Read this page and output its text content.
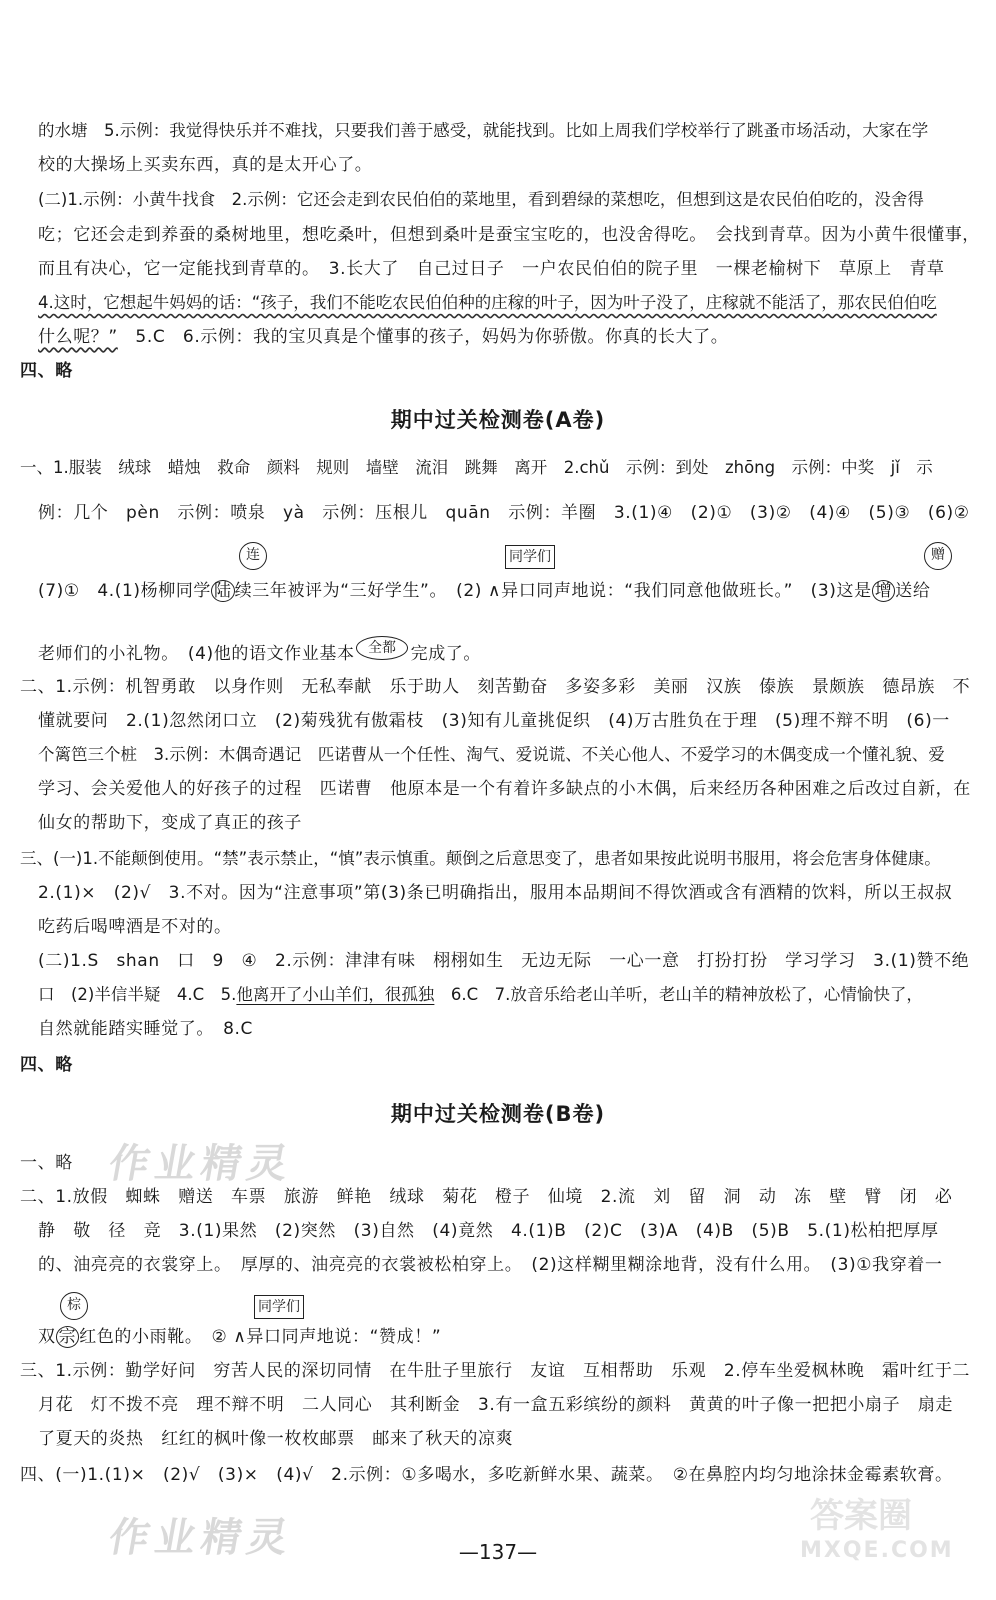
的水塘　5.示例：我觉得快乐并不难找，只要我们善于感受，就能找到。比如上周我们学校举行了跳蚤市场活动，大家在学
校的大操场上买卖东西，真的是太开心了。
(二)1.示例：小黄牛找食　2.示例：它还会走到农民伯伯的菜地里，看到碧绿的菜想吃，但想到这是农民伯伯吃的，没舍得
吃；它还会走到养蚕的桑树地里，想吃桑叶，但想到桑叶是蚕宝宝吃的，也没舍得吃。　会找到青草。因为小黄牛很懂事，
而且有决心，它一定能找到青草的。　3.长大了　自己过日子　一户农民伯伯的院子里　一棵老榆树下　草原上　青草
4.这时，它想起牛妈妈的话：“孩子，我们不能吃农民伯伯种的庄稼的叶子，因为叶子没了，庄稼就不能活了，那农民伯伯吃
什么呢？”　5.C　6.示例：我的宝贝真是个懂事的孩子，妈妈为你骄傲。你真的长大了。
四、略
期中过关检测卷(A卷)
一、1.服装　绒球　蜡烛　救命　颜料　规则　墙壁　流泪　跳舞　离开　2.chǔ　示例：到处　zhōng　示例：中奖　jǐ　示
例：几个　pèn　示例：喷泉　yà　示例：压根儿　quān　示例：羊圈　3.(1)④　(2)①　(3)②　(4)④　(5)③　(6)②
连	同学们	赠
(7)①　4.(1)杨柳同学 陆 续三年被评为“三好学生”。　(2) ∧异口同声地说：“我们同意他做班长。”　(3)这是 增 送给
全都
老师们的小礼物。　(4)他的语文作业基本	完成了。
二、1.示例：机智勇敢　以身作则　无私奉献　乐于助人　刻苦勤奋　多姿多彩　美丽　汉族　傣族　景颇族　德昂族　不
懂就要问　2.(1)忽然闭口立　(2)菊残犹有傲霜枝　(3)知有儿童挑促织　(4)万古胜负在于理　(5)理不辩不明　(6)一
个篱笆三个桩　3.示例：木偶奇遇记　匹诺曹从一个任性、淘气、爱说谎、不关心他人、不爱学习的木偶变成一个懂礼貌、爱
学习、会关爱他人的好孩子的过程　匹诺曹　他原本是一个有着许多缺点的小木偶，后来经历各种困难之后改过自新，在
仙女的帮助下，变成了真正的孩子
三、(一)1.不能颠倒使用。“禁”表示禁止，“慎”表示慎重。颠倒之后意思变了，患者如果按此说明书服用，将会危害身体健康。
2.(1)×　(2)√　3.不对。因为“注意事项”第(3)条已明确指出，服用本品期间不得饮酒或含有酒精的饮料，所以王叔叔
吃药后喝啤酒是不对的。
(二)1.S　shan　口　9　④　2.示例：津津有味　栩栩如生　无边无际　一心一意　打扮打扮　学习学习　3.(1)赞不绝
口　(2)半信半疑　4.C　5.他离开了小山羊们，很孤独　6.C　7.放音乐给老山羊听，老山羊的精神放松了，心情愉快了，
自然就能踏实睡觉了。　8.C
四、略
期中过关检测卷(B卷)
作业精灵
一、略
二、1.放假　蜘蛛　赠送　车票　旅游　鲜艳　绒球　菊花　橙子　仙境　2.流　刘　留　洞　动　冻　壁　臂　闭　必
静　敬　径　竞　3.(1)果然　(2)突然　(3)自然　(4)竟然　4.(1)B　(2)C　(3)A　(4)B　(5)B　5.(1)松柏把厚厚
的、油亮亮的衣裳穿上。　厚厚的、油亮亮的衣裳被松柏穿上。　(2)这样糊里糊涂地背，没有什么用。　(3)①我穿着一
棕	同学们
双 宗 红色的小雨靴。　② ∧异口同声地说：“赞成！”
三、1.示例：勤学好问　穷苦人民的深切同情　在牛肚子里旅行　友谊　互相帮助　乐观　2.停车坐爱枫林晚　霜叶红于二
月花　灯不拨不亮　理不辩不明　二人同心　其利断金　3.有一盒五彩缤纷的颜料　黄黄的叶子像一把把小扇子　扇走
了夏天的炎热　红红的枫叶像一枚枚邮票　邮来了秋天的凉爽
四、(一)1.(1)×　(2)√　(3)×　(4)√　2.示例：①多喝水，多吃新鲜水果、蔬菜。　②在鼻腔内均匀地涂抹金霉素软膏。
作业精灵	—137—
答案圈
MXQE.COM
